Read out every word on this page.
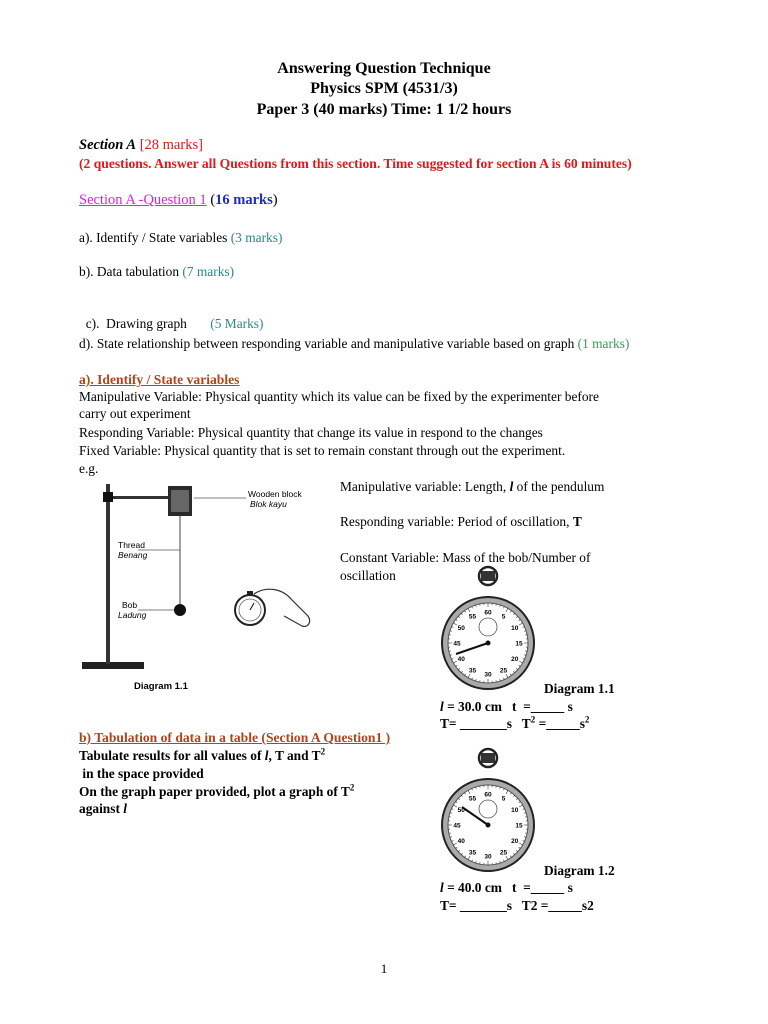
Answering Question Technique
Physics SPM (4531/3)
Paper 3 (40 marks) Time: 1 1/2 hours
Section A [28 marks]
(2 questions. Answer all Questions from this section. Time suggested for section A is 60 minutes)
Section A -Question 1 (16 marks)
a). Identify / State variables (3 marks)
b). Data tabulation (7 marks)

c).  Drawing graph       (5 Marks)

d). State relationship between responding variable and manipulative variable based on graph (1 marks)
a). Identify / State variables
Manipulative Variable: Physical quantity which its value can be fixed by the experimenter before
carry out experiment
Responding Variable: Physical quantity that change its value in respond to the changes
Fixed Variable: Physical quantity that is set to remain constant through out the experiment.
e.g.
Wooden block
Blok kayu
Thread
Benang
Bob
Ladung
Diagram 1.1
Manipulative variable: Length, l of the pendulum
Responding variable: Period of oscillation, T
Constant Variable: Mass of the bob/Number of
oscillation
60
5
10
15
20
25
30
35
40
45
50
55
Diagram 1.1
l = 30.0 cm   t  =_____ s
T= _______s   $T^2$ $=\_\_\_\_\_s^2$
b) Tabulation of data in a table (Section A Question1 )
Tabulate results for all values of l, T and $T^2$
in the space provided
On the graph paper provided, plot a graph of $T^2$
against l
60
5
10
15
20
25
30
35
40
45
50
55
Diagram 1.2
l = 40.0 cm   t  =_____ s
T= _______s   T2 =_____s2
1
